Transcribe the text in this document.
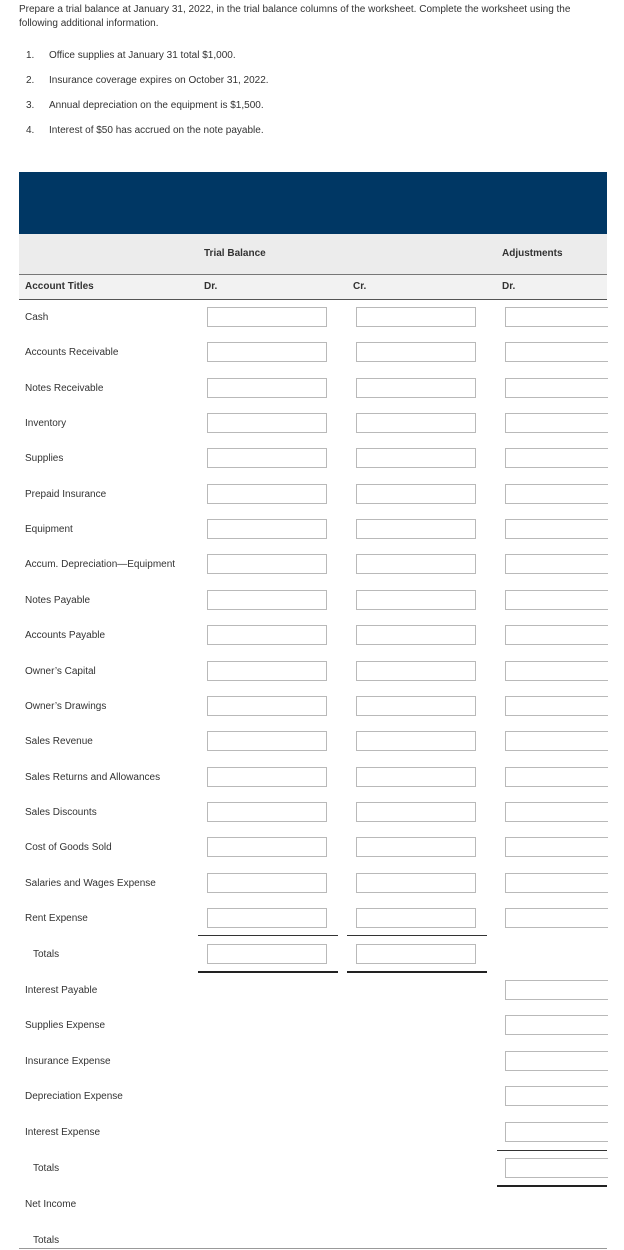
Prepare a trial balance at January 31, 2022, in the trial balance columns of the worksheet. Complete the worksheet using the following additional information.
1.	Office supplies at January 31 total $1,000.
2.	Insurance coverage expires on October 31, 2022.
3.	Annual depreciation on the equipment is $1,500.
4.	Interest of $50 has accrued on the note payable.
Trial Balance	Adjustments
Account Titles	Dr.	Cr.	Dr.
Cash
Accounts Receivable
Notes Receivable
Inventory
Supplies
Prepaid Insurance
Equipment
Accum. Depreciation—Equipment
Notes Payable
Accounts Payable
Owner’s Capital
Owner’s Drawings
Sales Revenue
Sales Returns and Allowances
Sales Discounts
Cost of Goods Sold
Salaries and Wages Expense
Rent Expense
Totals
Interest Payable
Supplies Expense
Insurance Expense
Depreciation Expense
Interest Expense
Totals
Net Income
Totals
